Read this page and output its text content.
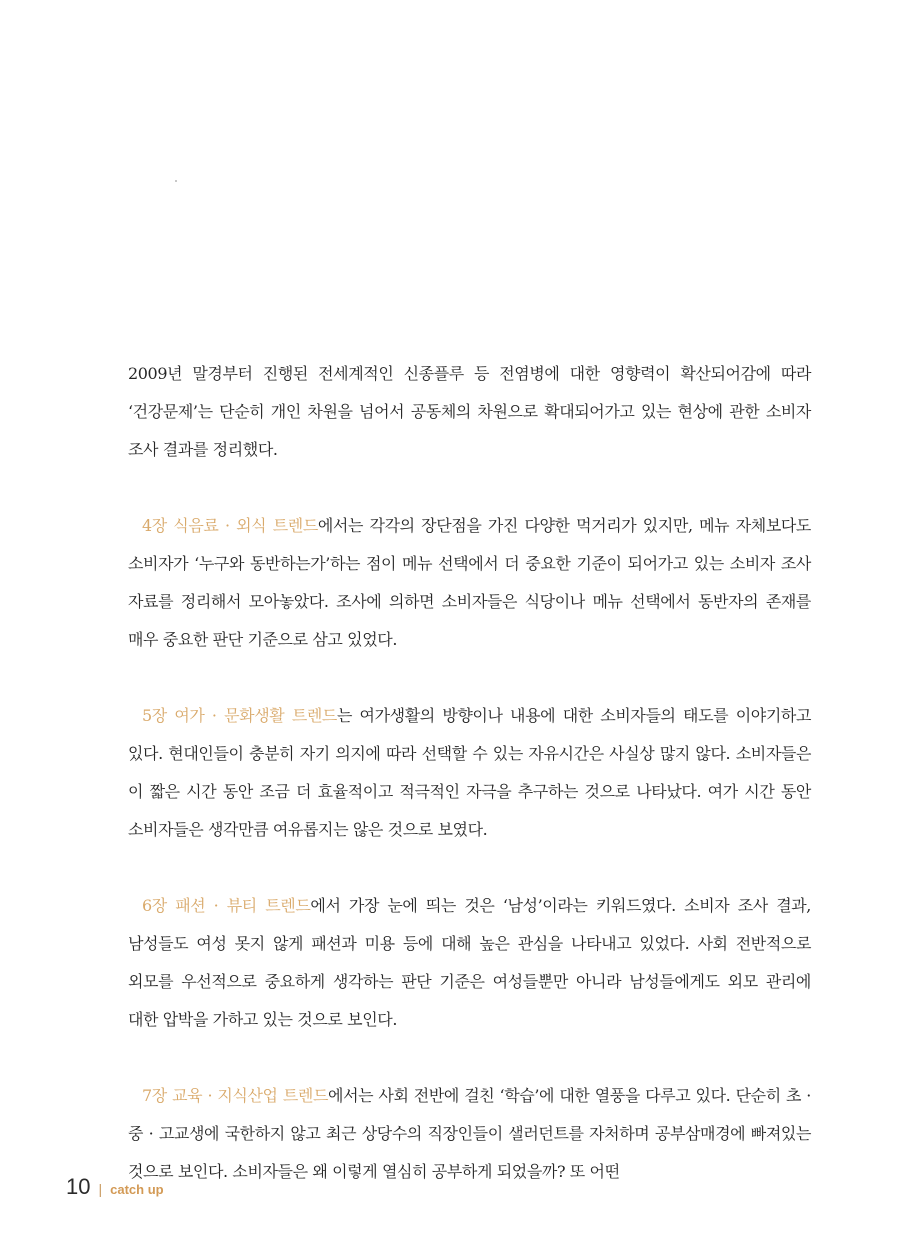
2009년 말경부터 진행된 전세계적인 신종플루 등 전염병에 대한 영향력이 확산되어감에 따라 ‘건강문제’는 단순히 개인 차원을 넘어서 공동체의 차원으로 확대되어가고 있는 현상에 관한 소비자 조사 결과를 정리했다.

4장 식음료 · 외식 트렌드에서는 각각의 장단점을 가진 다양한 먹거리가 있지만, 메뉴 자체보다도 소비자가 ‘누구와 동반하는가’하는 점이 메뉴 선택에서 더 중요한 기준이 되어가고 있는 소비자 조사 자료를 정리해서 모아놓았다. 조사에 의하면 소비자들은 식당이나 메뉴 선택에서 동반자의 존재를 매우 중요한 판단 기준으로 삼고 있었다.

5장 여가 · 문화생활 트렌드는 여가생활의 방향이나 내용에 대한 소비자들의 태도를 이야기하고 있다. 현대인들이 충분히 자기 의지에 따라 선택할 수 있는 자유시간은 사실상 많지 않다. 소비자들은 이 짧은 시간 동안 조금 더 효율적이고 적극적인 자극을 추구하는 것으로 나타났다. 여가 시간 동안 소비자들은 생각만큼 여유롭지는 않은 것으로 보였다.

6장 패션 · 뷰티 트렌드에서 가장 눈에 띄는 것은 ‘남성’이라는 키워드였다. 소비자 조사 결과, 남성들도 여성 못지 않게 패션과 미용 등에 대해 높은 관심을 나타내고 있었다. 사회 전반적으로 외모를 우선적으로 중요하게 생각하는 판단 기준은 여성들뿐만 아니라 남성들에게도 외모 관리에 대한 압박을 가하고 있는 것으로 보인다.

7장 교육 · 지식산업 트렌드에서는 사회 전반에 걸친 ‘학습’에 대한 열풍을 다루고 있다. 단순히 초 · 중 · 고교생에 국한하지 않고 최근 상당수의 직장인들이 샐러던트를 자처하며 공부삼매경에 빠져있는 것으로 보인다. 소비자들은 왜 이렇게 열심히 공부하게 되었을까? 또 어떤

10 | catch up
